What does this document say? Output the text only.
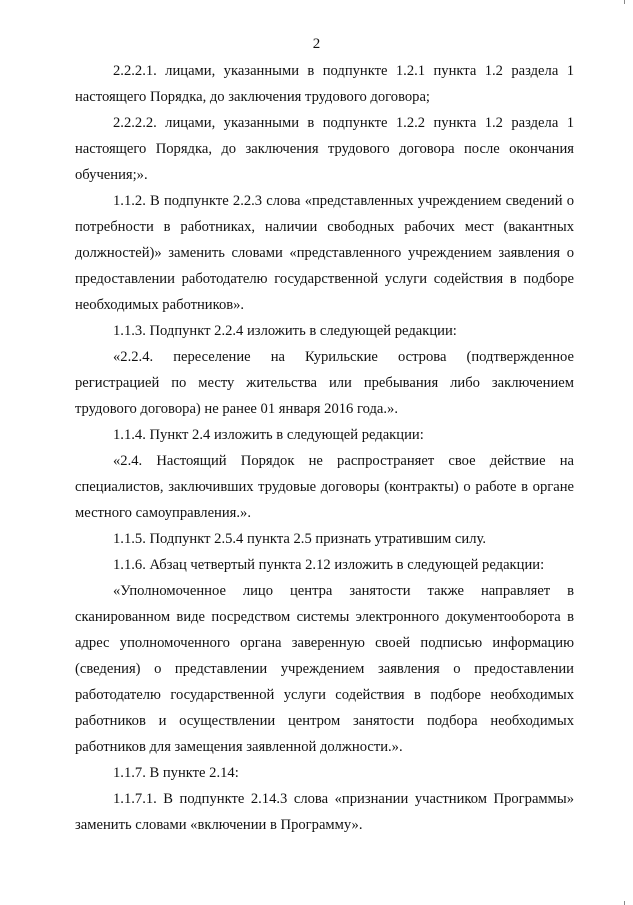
2

2.2.2.1. лицами, указанными в подпункте 1.2.1 пункта 1.2 раздела 1 настоящего Порядка, до заключения трудового договора;

2.2.2.2. лицами, указанными в подпункте 1.2.2 пункта 1.2 раздела 1 настоящего Порядка, до заключения трудового договора после окончания обучения;».

1.1.2. В подпункте 2.2.3 слова «представленных учреждением сведений о потребности в работниках, наличии свободных рабочих мест (вакантных должностей)» заменить словами «представленного учреждением заявления о предоставлении работодателю государственной услуги содействия в подборе необходимых работников».

1.1.3. Подпункт 2.2.4 изложить в следующей редакции:

«2.2.4. переселение на Курильские острова (подтвержденное регистрацией по месту жительства или пребывания либо заключением трудового договора) не ранее 01 января 2016 года.».

1.1.4. Пункт 2.4 изложить в следующей редакции:

«2.4. Настоящий Порядок не распространяет свое действие на специалистов, заключивших трудовые договоры (контракты) о работе в органе местного самоуправления.».

1.1.5. Подпункт 2.5.4 пункта 2.5 признать утратившим силу.

1.1.6. Абзац четвертый пункта 2.12 изложить в следующей редакции:

«Уполномоченное лицо центра занятости также направляет в сканированном виде посредством системы электронного документооборота в адрес уполномоченного органа заверенную своей подписью информацию (сведения) о представлении учреждением заявления о предоставлении работодателю государственной услуги содействия в подборе необходимых работников и осуществлении центром занятости подбора необходимых работников для замещения заявленной должности.».

1.1.7. В пункте 2.14:

1.1.7.1. В подпункте 2.14.3 слова «признании участником Программы» заменить словами «включении в Программу».
